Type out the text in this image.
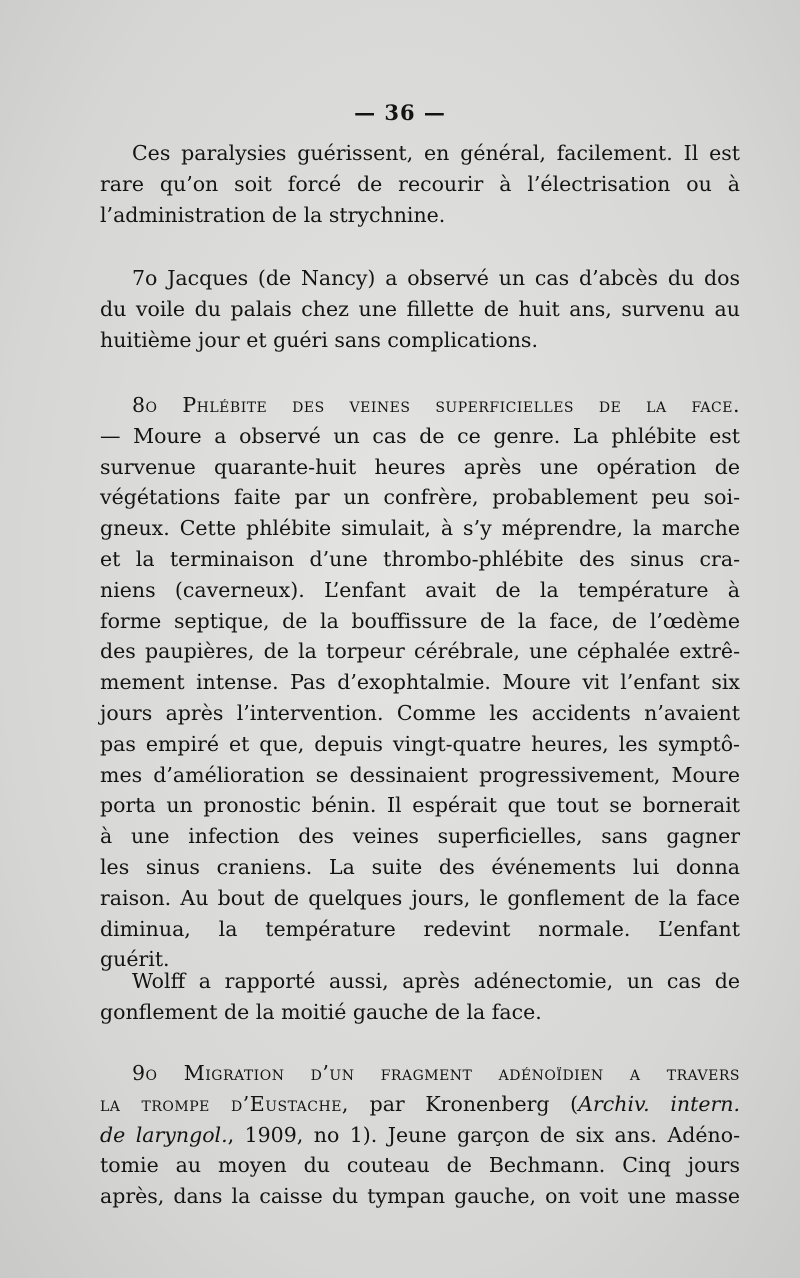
— 36 —
Ces paralysies guérissent, en général, facilement. Il est
rare qu’on soit forcé de recourir à l’électrisation ou à
l’administration de la strychnine.
7o Jacques (de Nancy) a observé un cas d’abcès du dos
du voile du palais chez une fillette de huit ans, survenu au
huitième jour et guéri sans complications.
8o Phlébite des veines superficielles de la face.
— Moure a observé un cas de ce genre. La phlébite est
survenue quarante-huit heures après une opération de
végétations faite par un confrère, probablement peu soi-
gneux. Cette phlébite simulait, à s’y méprendre, la marche
et la terminaison d’une thrombo-phlébite des sinus cra-
niens (caverneux). L’enfant avait de la température à
forme septique, de la bouffissure de la face, de l’œdème
des paupières, de la torpeur cérébrale, une céphalée extrê-
mement intense. Pas d’exophtalmie. Moure vit l’enfant six
jours après l’intervention. Comme les accidents n’avaient
pas empiré et que, depuis vingt-quatre heures, les symptô-
mes d’amélioration se dessinaient progressivement, Moure
porta un pronostic bénin. Il espérait que tout se bornerait
à une infection des veines superficielles, sans gagner
les sinus craniens. La suite des événements lui donna
raison. Au bout de quelques jours, le gonflement de la face
diminua, la température redevint normale. L’enfant
guérit.
Wolff a rapporté aussi, après adénectomie, un cas de
gonflement de la moitié gauche de la face.
9o Migration d’un fragment adénoïdien a travers
la trompe d’Eustache, par Kronenberg (Archiv. intern.
de laryngol., 1909, no 1). Jeune garçon de six ans. Adéno-
tomie au moyen du couteau de Bechmann. Cinq jours
après, dans la caisse du tympan gauche, on voit une masse
